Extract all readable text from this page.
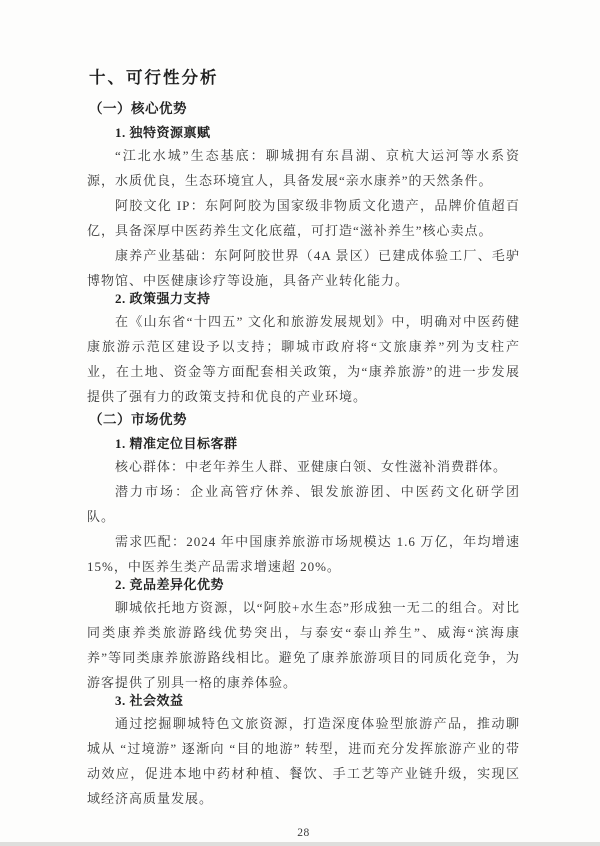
十、可行性分析
（一）核心优势
1. 独特资源禀赋

“江北水城”生态基底：聊城拥有东昌湖、京杭大运河等水系资源，水质优良，生态环境宜人，具备发展“亲水康养”的天然条件。

阿胶文化 IP：东阿阿胶为国家级非物质文化遗产，品牌价值超百亿，具备深厚中医药养生文化底蕴，可打造“滋补养生”核心卖点。

康养产业基础：东阿阿胶世界（4A 景区）已建成体验工厂、毛驴博物馆、中医健康诊疗等设施，具备产业转化能力。

2. 政策强力支持

在《山东省“十四五” 文化和旅游发展规划》中，明确对中医药健康旅游示范区建设予以支持；聊城市政府将“文旅康养”列为支柱产业，在土地、资金等方面配套相关政策，为“康养旅游”的进一步发展提供了强有力的政策支持和优良的产业环境。

（二）市场优势
1. 精准定位目标客群

核心群体：中老年养生人群、亚健康白领、女性滋补消费群体。

潜力市场：企业高管疗休养、银发旅游团、中医药文化研学团队。

需求匹配：2024 年中国康养旅游市场规模达 1.6 万亿，年均增速 15%，中医养生类产品需求增速超 20%。

2. 竞品差异化优势

聊城依托地方资源，以“阿胶+水生态”形成独一无二的组合。对比同类康养类旅游路线优势突出，与泰安“泰山养生”、威海“滨海康养”等同类康养旅游路线相比。避免了康养旅游项目的同质化竞争，为游客提供了别具一格的康养体验。

3. 社会效益

通过挖掘聊城特色文旅资源，打造深度体验型旅游产品，推动聊城从 “过境游” 逐渐向 “目的地游” 转型，进而充分发挥旅游产业的带动效应，促进本地中药材种植、餐饮、手工艺等产业链升级，实现区域经济高质量发展。

28
